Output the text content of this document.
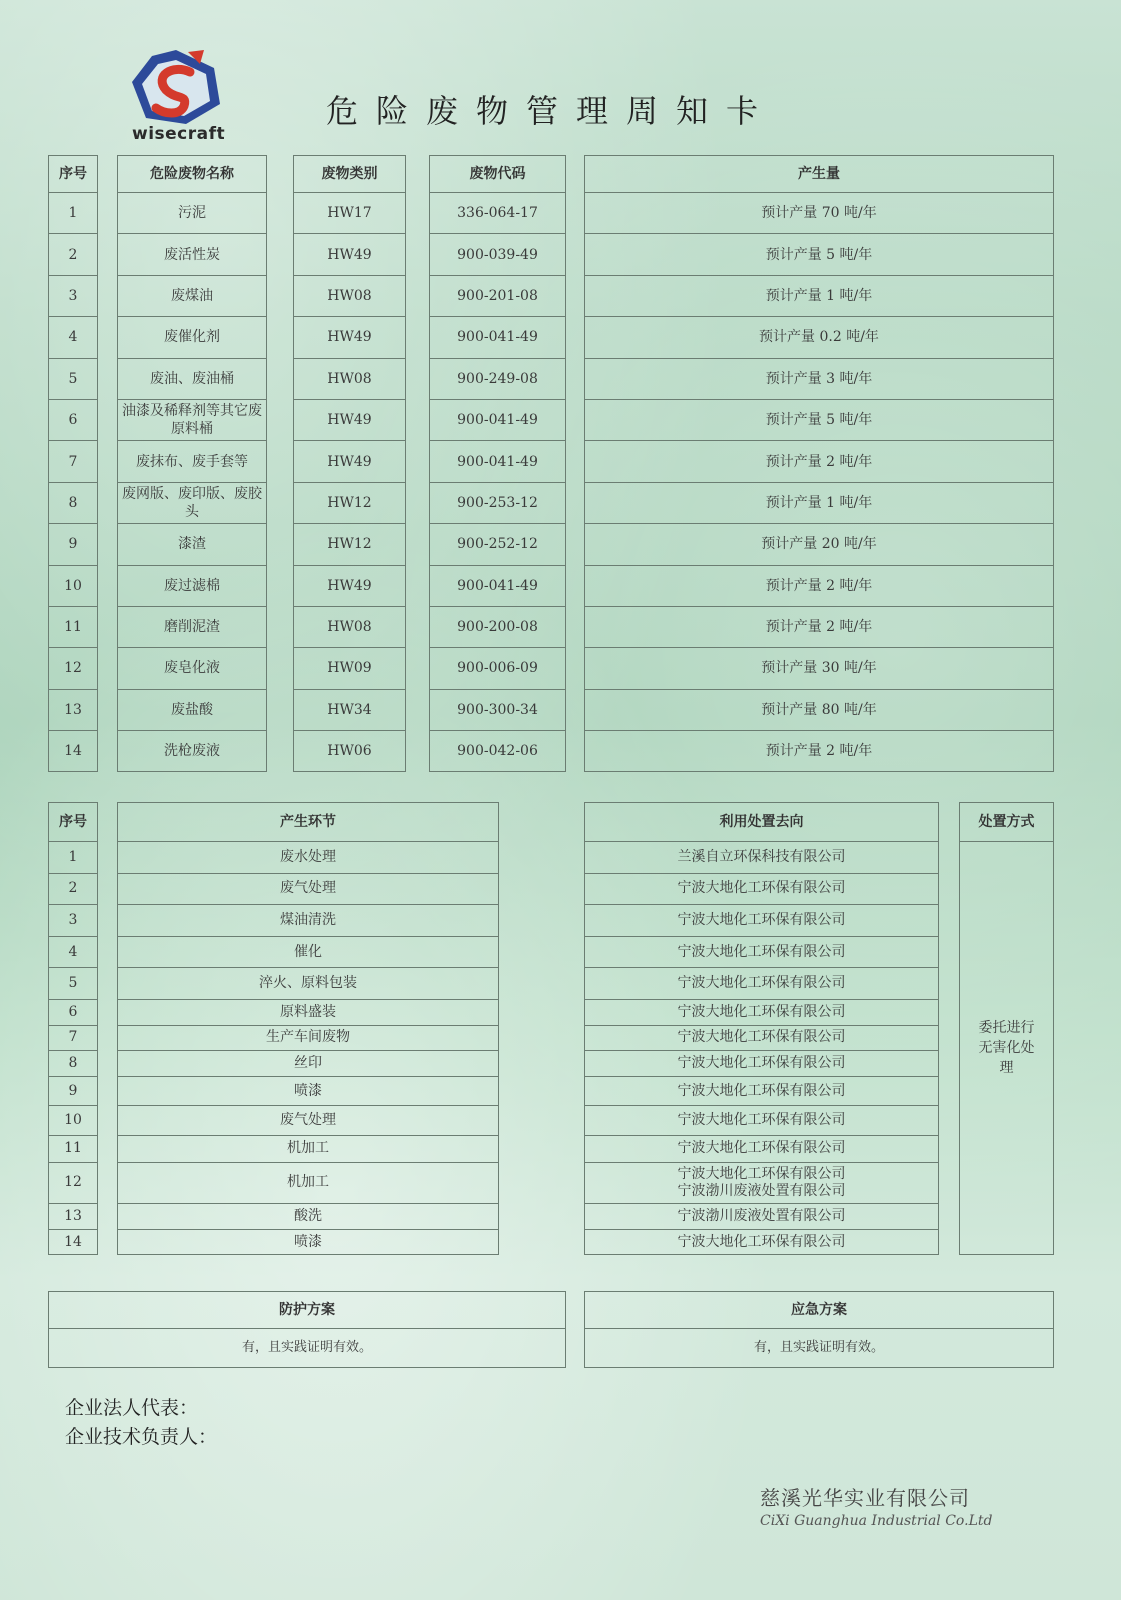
wisecraft
危险废物管理周知卡
序号
1
2
3
4
5
6
7
8
9
10
11
12
13
14
危险废物名称
污泥
废活性炭
废煤油
废催化剂
废油、废油桶
油漆及稀释剂等其它废原料桶
废抹布、废手套等
废网版、废印版、废胶头
漆渣
废过滤棉
磨削泥渣
废皂化液
废盐酸
洗枪废液
废物类别
HW17
HW49
HW08
HW49
HW08
HW49
HW49
HW12
HW12
HW49
HW08
HW09
HW34
HW06
废物代码
336-064-17
900-039-49
900-201-08
900-041-49
900-249-08
900-041-49
900-041-49
900-253-12
900-252-12
900-041-49
900-200-08
900-006-09
900-300-34
900-042-06
产生量
预计产量 70 吨/年
预计产量 5 吨/年
预计产量 1 吨/年
预计产量 0.2 吨/年
预计产量 3 吨/年
预计产量 5 吨/年
预计产量 2 吨/年
预计产量 1 吨/年
预计产量 20 吨/年
预计产量 2 吨/年
预计产量 2 吨/年
预计产量 30 吨/年
预计产量 80 吨/年
预计产量 2 吨/年
序号
1
2
3
4
5
6
7
8
9
10
11
12
13
14
产生环节
废水处理
废气处理
煤油清洗
催化
淬火、原料包装
原料盛装
生产车间废物
丝印
喷漆
废气处理
机加工
机加工
酸洗
喷漆
利用处置去向
兰溪自立环保科技有限公司
宁波大地化工环保有限公司
宁波大地化工环保有限公司
宁波大地化工环保有限公司
宁波大地化工环保有限公司
宁波大地化工环保有限公司
宁波大地化工环保有限公司
宁波大地化工环保有限公司
宁波大地化工环保有限公司
宁波大地化工环保有限公司
宁波大地化工环保有限公司
宁波大地化工环保有限公司
宁波渤川废液处置有限公司
宁波渤川废液处置有限公司
宁波大地化工环保有限公司
处置方式
委托进行无害化处理
防护方案
有，且实践证明有效。
应急方案
有，且实践证明有效。
企业法人代表：
企业技术负责人：
慈溪光华实业有限公司
CiXi Guanghua Industrial Co.Ltd
